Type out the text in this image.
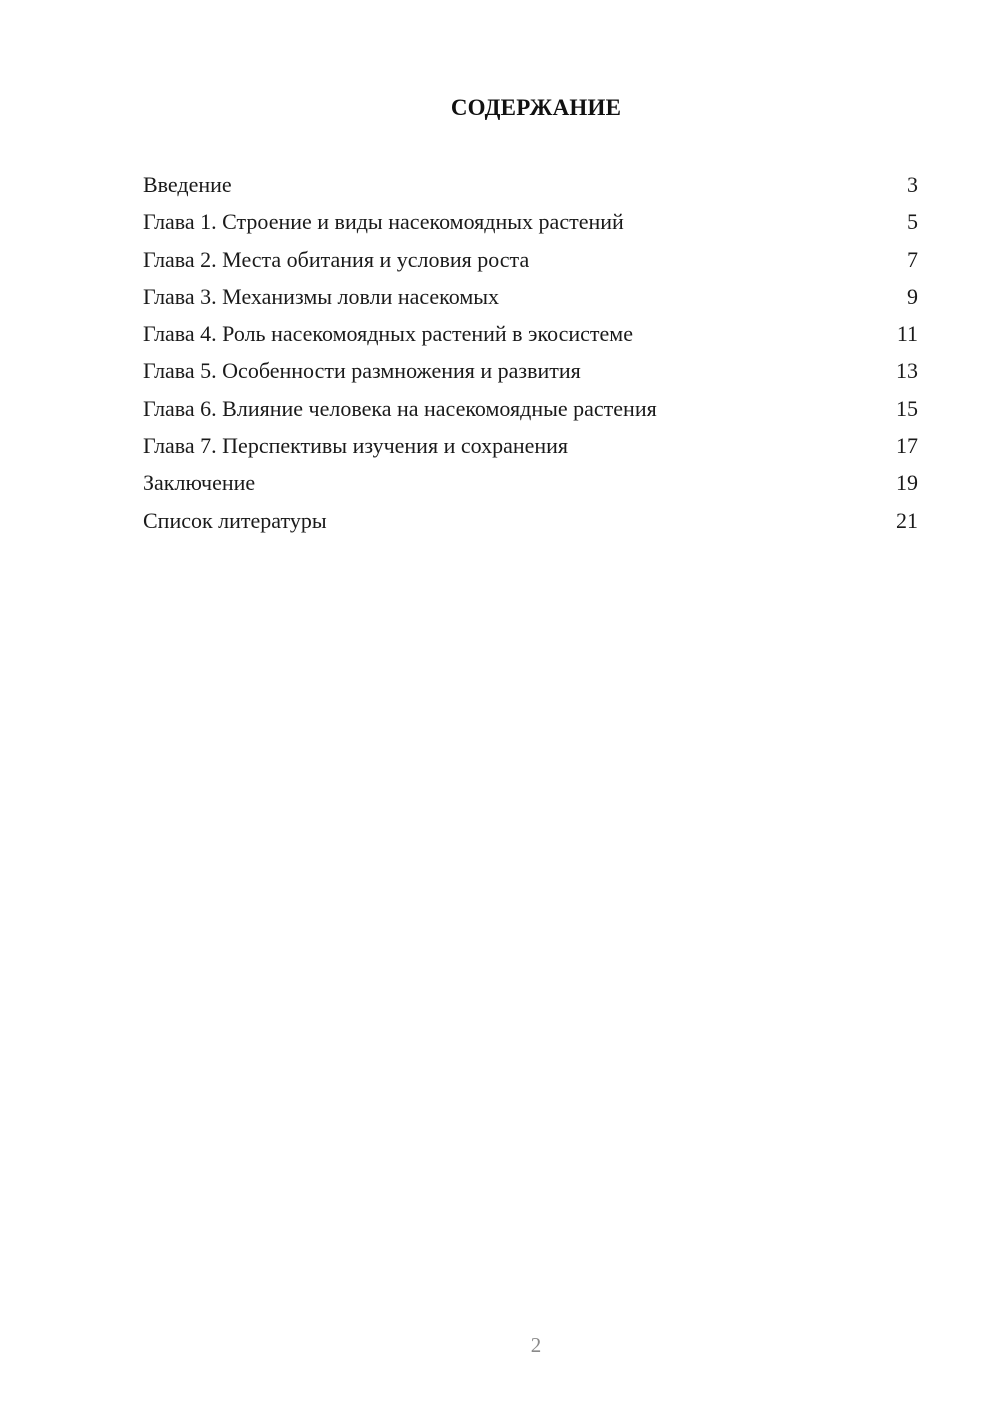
СОДЕРЖАНИЕ
Введение	3
Глава 1. Строение и виды насекомоядных растений	5
Глава 2. Места обитания и условия роста	7
Глава 3. Механизмы ловли насекомых	9
Глава 4. Роль насекомоядных растений в экосистеме	11
Глава 5. Особенности размножения и развития	13
Глава 6. Влияние человека на насекомоядные растения	15
Глава 7. Перспективы изучения и сохранения	17
Заключение	19
Список литературы	21
2
